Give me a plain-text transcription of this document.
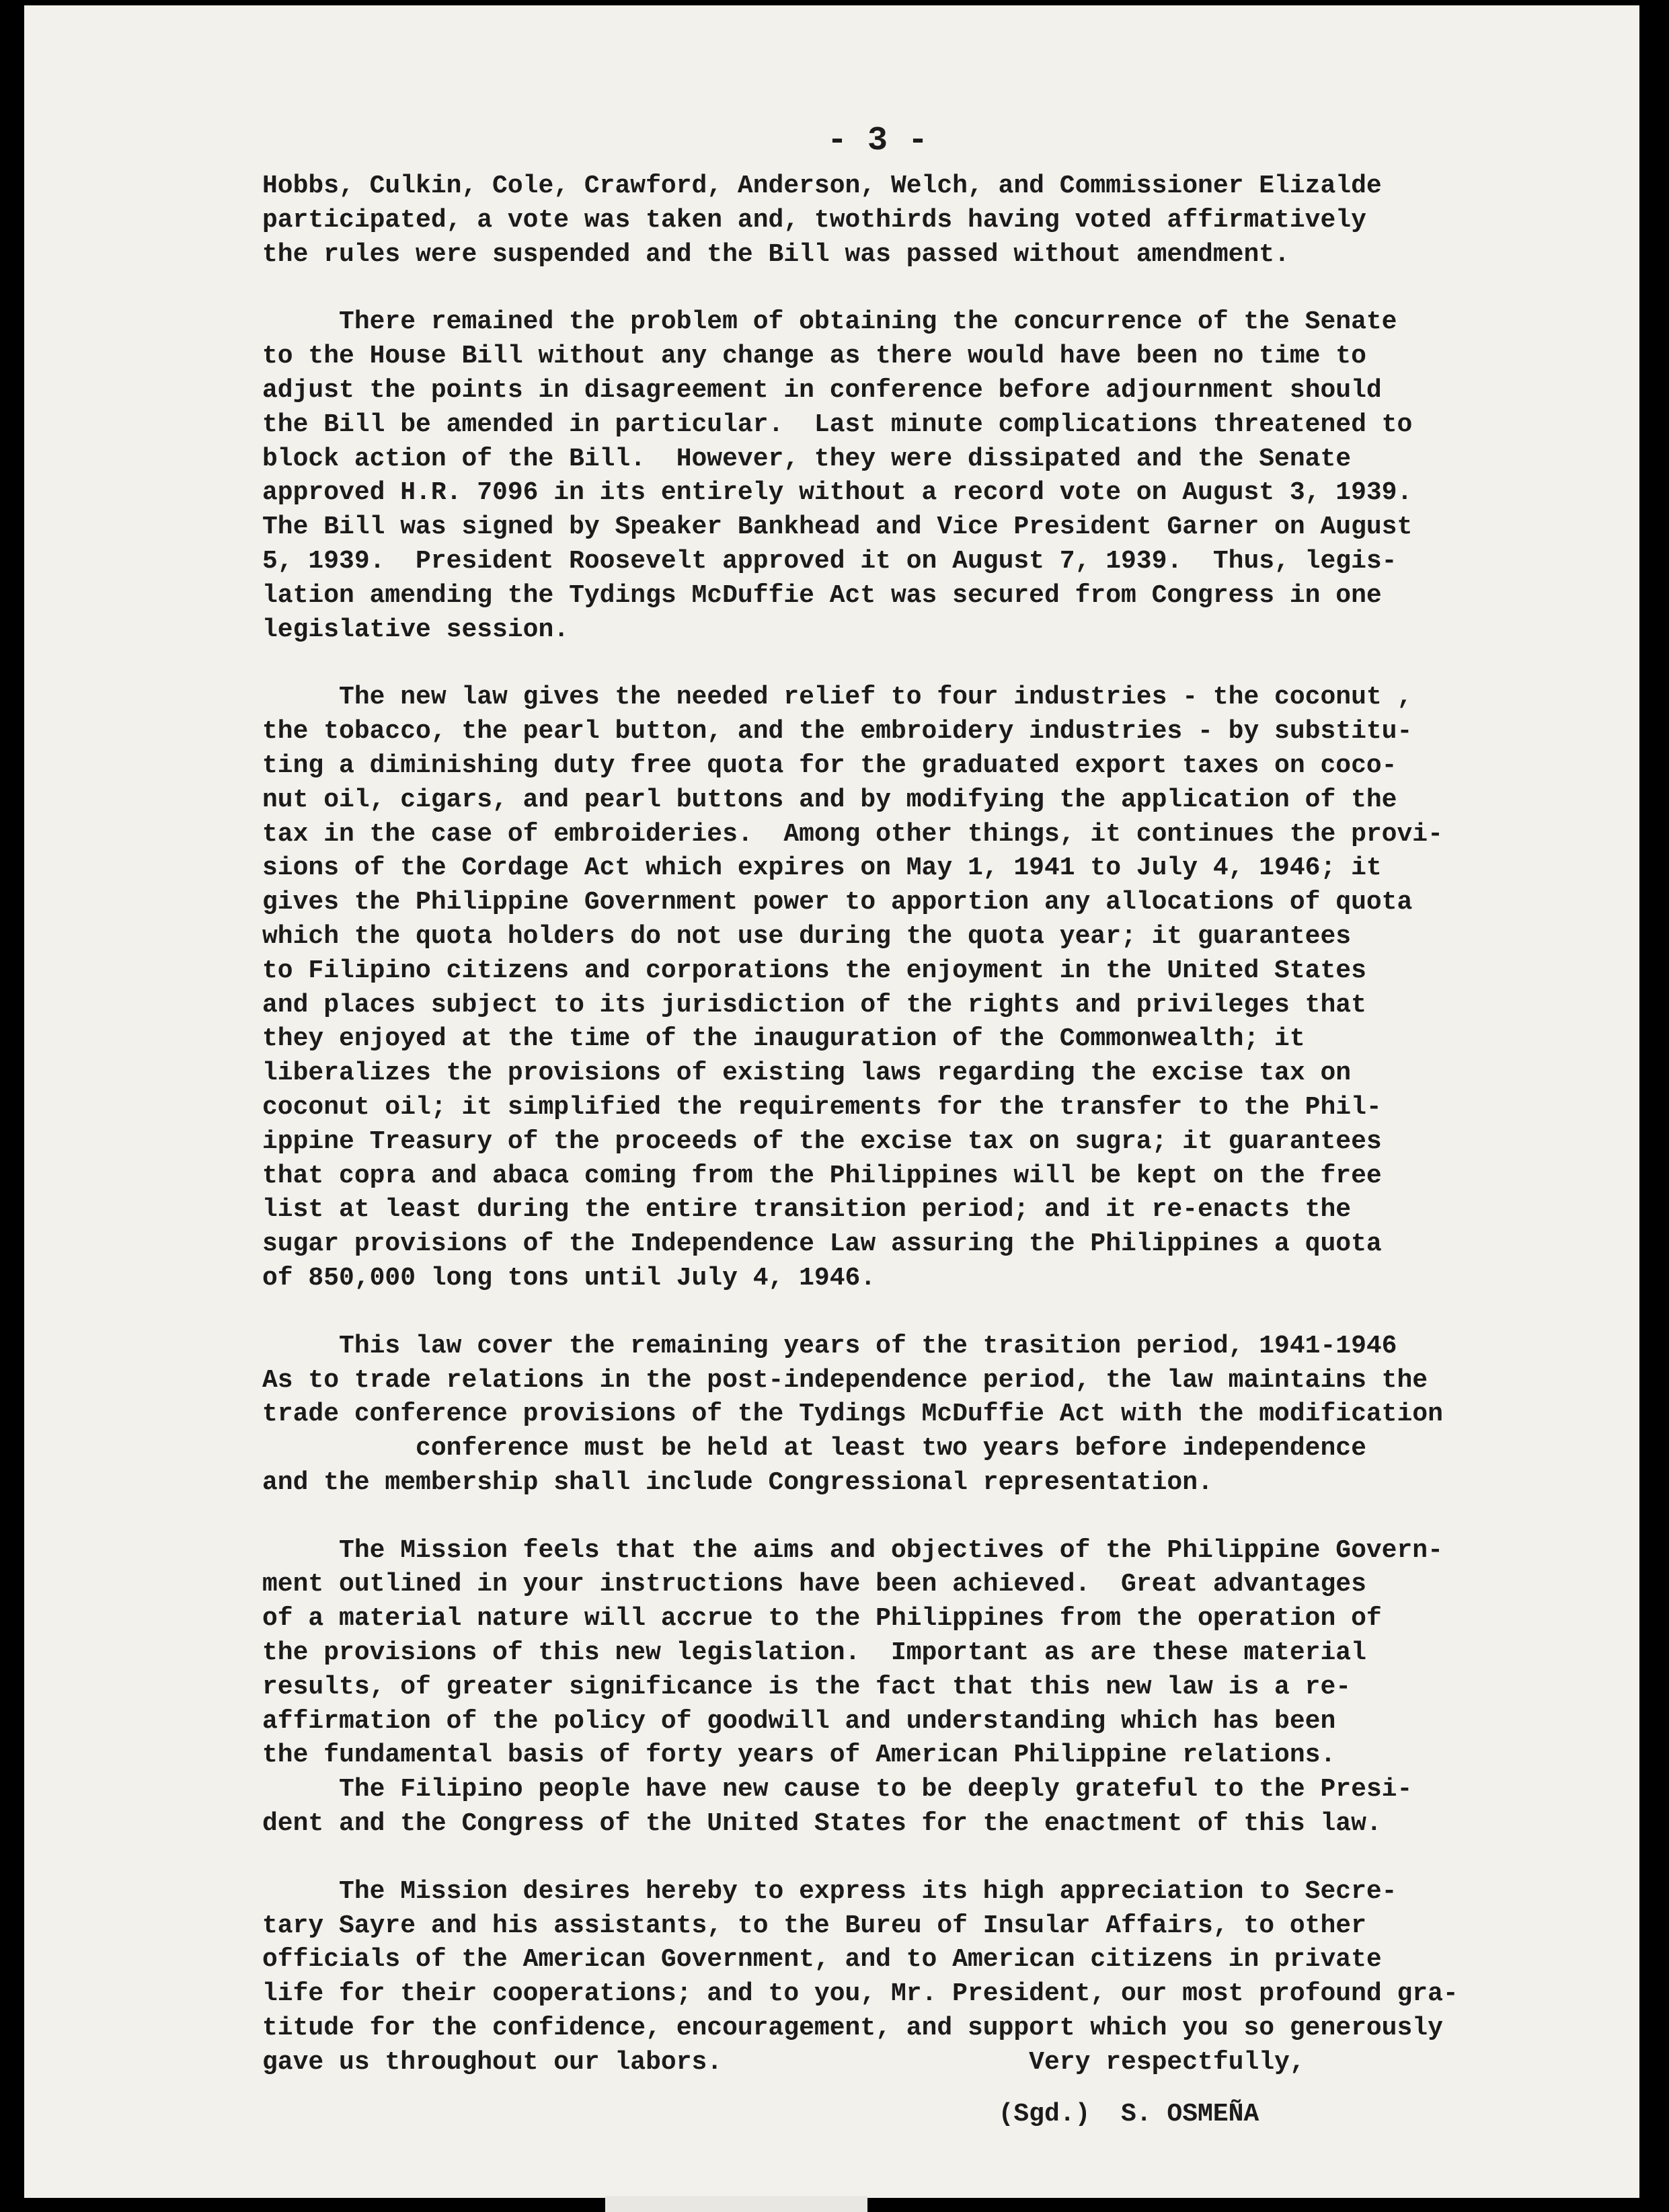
- 3 -
Hobbs, Culkin, Cole, Crawford, Anderson, Welch, and Commissioner Elizalde
participated, a vote was taken and, twothirds having voted affirmatively
the rules were suspended and the Bill was passed without amendment.
There remained the problem of obtaining the concurrence of the Senate
to the House Bill without any change as there would have been no time to
adjust the points in disagreement in conference before adjournment should
the Bill be amended in particular.  Last minute complications threatened to
block action of the Bill.  However, they were dissipated and the Senate
approved H.R. 7096 in its entirely without a record vote on August 3, 1939.
The Bill was signed by Speaker Bankhead and Vice President Garner on August
5, 1939.  President Roosevelt approved it on August 7, 1939.  Thus, legis-
lation amending the Tydings McDuffie Act was secured from Congress in one
legislative session.
The new law gives the needed relief to four industries - the coconut ,
the tobacco, the pearl button, and the embroidery industries - by substitu-
ting a diminishing duty free quota for the graduated export taxes on coco-
nut oil, cigars, and pearl buttons and by modifying the application of the
tax in the case of embroideries.  Among other things, it continues the provi-
sions of the Cordage Act which expires on May 1, 1941 to July 4, 1946; it
gives the Philippine Government power to apportion any allocations of quota
which the quota holders do not use during the quota year; it guarantees
to Filipino citizens and corporations the enjoyment in the United States
and places subject to its jurisdiction of the rights and privileges that
they enjoyed at the time of the inauguration of the Commonwealth; it
liberalizes the provisions of existing laws regarding the excise tax on
coconut oil; it simplified the requirements for the transfer to the Phil-
ippine Treasury of the proceeds of the excise tax on sugra; it guarantees
that copra and abaca coming from the Philippines will be kept on the free
list at least during the entire transition period; and it re-enacts the
sugar provisions of the Independence Law assuring the Philippines a quota
of 850,000 long tons until July 4, 1946.
This law cover the remaining years of the trasition period, 1941-1946
As to trade relations in the post-independence period, the law maintains the
trade conference provisions of the Tydings McDuffie Act with the modification
conference must be held at least two years before independence
and the membership shall include Congressional representation.
The Mission feels that the aims and objectives of the Philippine Govern-
ment outlined in your instructions have been achieved.  Great advantages
of a material nature will accrue to the Philippines from the operation of
the provisions of this new legislation.  Important as are these material
results, of greater significance is the fact that this new law is a re-
affirmation of the policy of goodwill and understanding which has been
the fundamental basis of forty years of American Philippine relations.
The Filipino people have new cause to be deeply grateful to the Presi-
dent and the Congress of the United States for the enactment of this law.
The Mission desires hereby to express its high appreciation to Secre-
tary Sayre and his assistants, to the Bureu of Insular Affairs, to other
officials of the American Government, and to American citizens in private
life for their cooperations; and to you, Mr. President, our most profound gra-
titude for the confidence, encouragement, and support which you so generously
gave us throughout our labors.                    Very respectfully,
(Sgd.)  S. OSMEÑA
